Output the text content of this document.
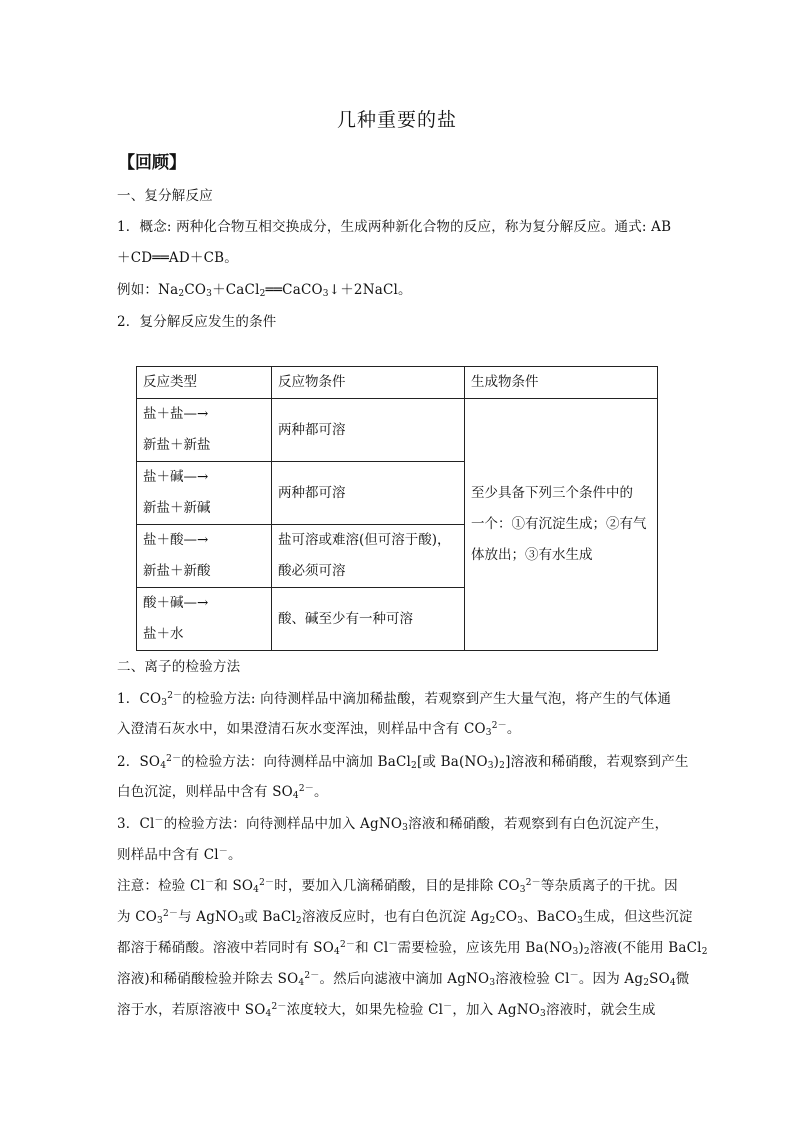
几种重要的盐
【回顾】
一、复分解反应
1．概念: 两种化合物互相交换成分，生成两种新化合物的反应，称为复分解反应。通式: AB
＋CD══AD＋CB。
例如：$Na_2CO_3+CaCl_2══CaCO_3↓+2NaCl$。
2．复分解反应发生的条件
反应类型	反应物条件	生成物条件
盐＋盐—→
新盐＋新盐	两种都可溶	至少具备下列三个条件中的
一个：①有沉淀生成；②有气
体放出；③有水生成
盐＋碱—→
新盐＋新碱	两种都可溶	
盐＋酸—→
新盐＋新酸	盐可溶或难溶(但可溶于酸)，
酸必须可溶	
酸＋碱—→
盐＋水	酸、碱至少有一种可溶	
二、离子的检验方法
1．$CO_3^{2-}$的检验方法: 向待测样品中滴加稀盐酸，若观察到产生大量气泡，将产生的气体通
入澄清石灰水中，如果澄清石灰水变浑浊，则样品中含有 $CO_3^{2-}$。
2．$SO_4^{2-}$的检验方法：向待测样品中滴加 BaCl$_2$[或 $Ba(NO_3)_2$]溶液和稀硝酸，若观察到产生
白色沉淀，则样品中含有 $SO_4^{2-}$。
3．Cl－的检验方法：向待测样品中加入 AgNO$_3$溶液和稀硝酸，若观察到有白色沉淀产生，
则样品中含有 Cl－。
注意：检验 Cl－和 $SO_4^{2-}$时，要加入几滴稀硝酸，目的是排除 $CO_3^{2-}$等杂质离子的干扰。因
为 $CO_3^{2-}$与 AgNO$_3$或 BaCl$_2$溶液反应时，也有白色沉淀 $Ag_2CO_3$、BaCO$_3$生成，但这些沉淀
都溶于稀硝酸。溶液中若同时有 $SO_4^{2-}$和 Cl－需要检验，应该先用 $Ba(NO_3)_2$溶液(不能用 BaCl$_2$
溶液)和稀硝酸检验并除去 $SO_4^{2-}$。然后向滤液中滴加 AgNO$_3$溶液检验 Cl－。因为 $Ag_2SO_4$微
溶于水，若原溶液中 $SO_4^{2-}$浓度较大，如果先检验 Cl－，加入 AgNO$_3$溶液时，就会生成
